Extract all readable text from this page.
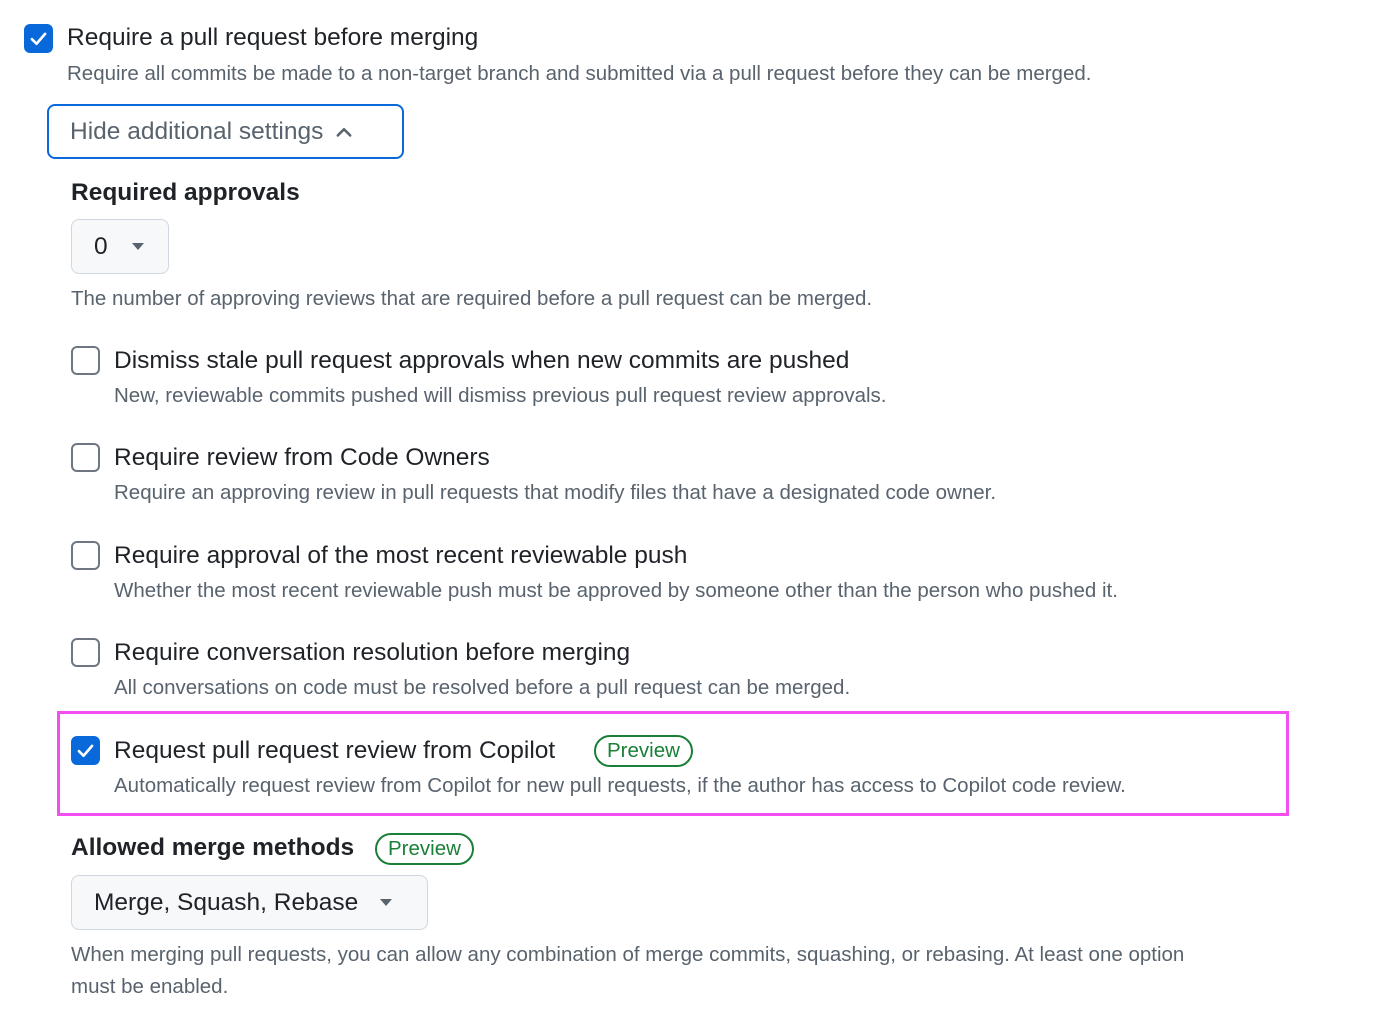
Require a pull request before merging
Require all commits be made to a non-target branch and submitted via a pull request before they can be merged.
Hide additional settings
Required approvals
0
The number of approving reviews that are required before a pull request can be merged.
Dismiss stale pull request approvals when new commits are pushed
New, reviewable commits pushed will dismiss previous pull request review approvals.
Require review from Code Owners
Require an approving review in pull requests that modify files that have a designated code owner.
Require approval of the most recent reviewable push
Whether the most recent reviewable push must be approved by someone other than the person who pushed it.
Require conversation resolution before merging
All conversations on code must be resolved before a pull request can be merged.
Request pull request review from Copilot	Preview
Automatically request review from Copilot for new pull requests, if the author has access to Copilot code review.
Allowed merge methods	Preview
Merge, Squash, Rebase
When merging pull requests, you can allow any combination of merge commits, squashing, or rebasing. At least one option
must be enabled.
